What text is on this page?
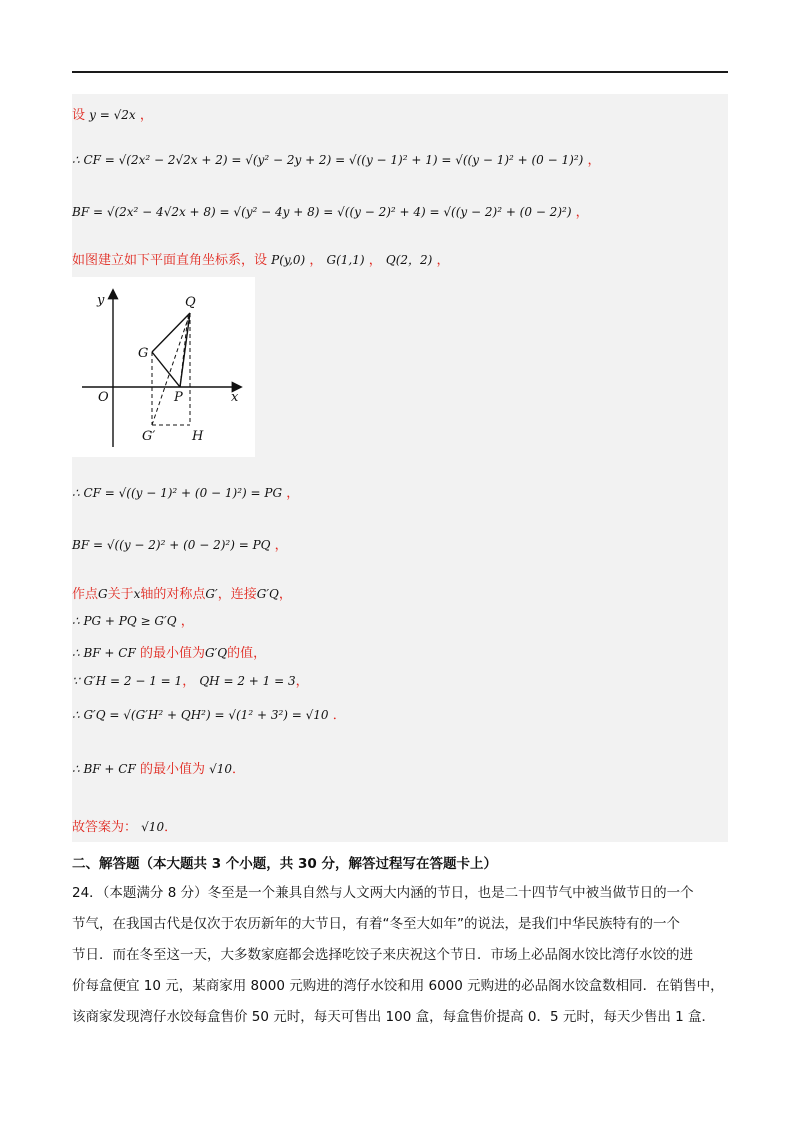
设 y = √2x ，
∴ CF = √(2x² − 2√2x + 2) = √(y² − 2y + 2) = √((y − 1)² + 1) = √((y − 1)² + (0 − 1)²) ，
BF = √(2x² − 4√2x + 8) = √(y² − 4y + 8) = √((y − 2)² + 4) = √((y − 2)² + (0 − 2)²) ，
如图建立如下平面直角坐标系，设 P(y,0) ， G(1,1) ， Q(2，2) ，
y	Q
G
O	P	x
G′	H
∴ CF = √((y − 1)² + (0 − 1)²) = PG ，
BF = √((y − 2)² + (0 − 2)²) = PQ ，
作点G关于x轴的对称点G′，连接G′Q，
∴ PG + PQ ≥ G′Q ，
∴ BF + CF 的最小值为G′Q的值，
∵ G′H = 2 − 1 = 1， QH = 2 + 1 = 3，
∴ G′Q = √(G′H² + QH²) = √(1² + 3²) = √10 ．
∴ BF + CF 的最小值为 √10．
故答案为： √10．
二、解答题（本大题共 3 个小题，共 30 分，解答过程写在答题卡上）
24．（本题满分 8 分）冬至是一个兼具自然与人文两大内涵的节日，也是二十四节气中被当做节日的一个
节气，在我国古代是仅次于农历新年的大节日，有着“冬至大如年”的说法，是我们中华民族特有的一个
节日．而在冬至这一天，大多数家庭都会选择吃饺子来庆祝这个节日．市场上必品阁水饺比湾仔水饺的进
价每盒便宜 10 元，某商家用 8000 元购进的湾仔水饺和用 6000 元购进的必品阁水饺盒数相同．在销售中，
该商家发现湾仔水饺每盒售价 50 元时，每天可售出 100 盒，每盒售价提高 0．5 元时，每天少售出 1 盒．
